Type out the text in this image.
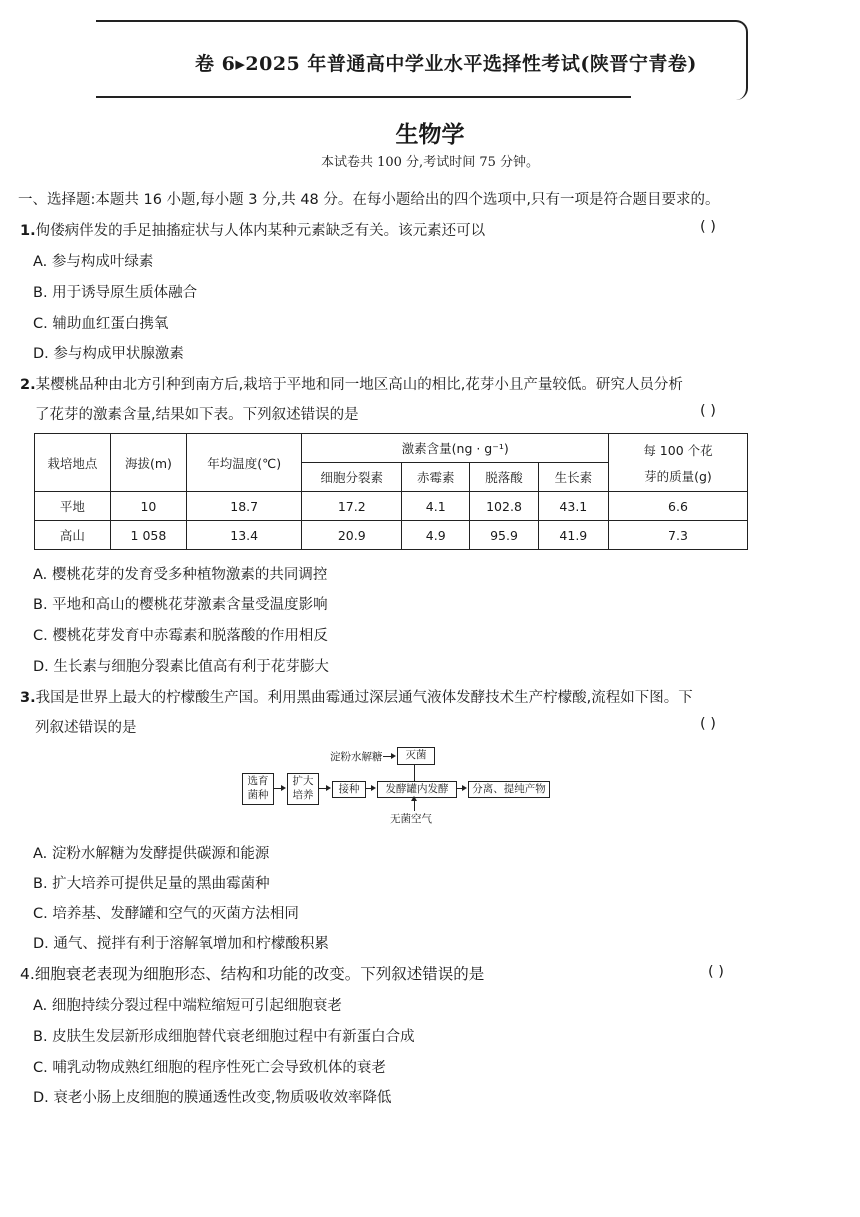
卷 6▸2025 年普通高中学业水平选择性考试(陕晋宁青卷)
生物学
本试卷共 100 分,考试时间 75 分钟。
一、选择题:本题共 16 小题,每小题 3 分,共 48 分。在每小题给出的四个选项中,只有一项是符合题目要求的。
1.佝偻病伴发的手足抽搐症状与人体内某种元素缺乏有关。该元素还可以	( )
A. 参与构成叶绿素
B. 用于诱导原生质体融合
C. 辅助血红蛋白携氧
D. 参与构成甲状腺激素
2.某樱桃品种由北方引种到南方后,栽培于平地和同一地区高山的相比,花芽小且产量较低。研究人员分析
了花芽的激素含量,结果如下表。下列叙述错误的是	( )
栽培地点	海拔(m)	年均温度(℃)	激素含量(ng · g⁻¹)				每 100 个花
芽的质量(g)

			细胞分裂素	赤霉素	脱落酸	生长素	
平地	10	18.7	17.2	4.1	102.8	43.1	6.6
高山	1 058	13.4	20.9	4.9	95.9	41.9	7.3
A. 樱桃花芽的发育受多种植物激素的共同调控
B. 平地和高山的樱桃花芽激素含量受温度影响
C. 樱桃花芽发育中赤霉素和脱落酸的作用相反
D. 生长素与细胞分裂素比值高有利于花芽膨大
3.我国是世界上最大的柠檬酸生产国。利用黑曲霉通过深层通气液体发酵技术生产柠檬酸,流程如下图。下
列叙述错误的是	( )
淀粉水解糖	灭菌
选育
菌种
扩大
培养	接种	发酵罐内发酵	分离、提纯产物
无菌空气
A. 淀粉水解糖为发酵提供碳源和能源
B. 扩大培养可提供足量的黑曲霉菌种
C. 培养基、发酵罐和空气的灭菌方法相同
D. 通气、搅拌有利于溶解氧增加和柠檬酸积累
4.细胞衰老表现为细胞形态、结构和功能的改变。下列叙述错误的是	( )
A. 细胞持续分裂过程中端粒缩短可引起细胞衰老
B. 皮肤生发层新形成细胞替代衰老细胞过程中有新蛋白合成
C. 哺乳动物成熟红细胞的程序性死亡会导致机体的衰老
D. 衰老小肠上皮细胞的膜通透性改变,物质吸收效率降低
